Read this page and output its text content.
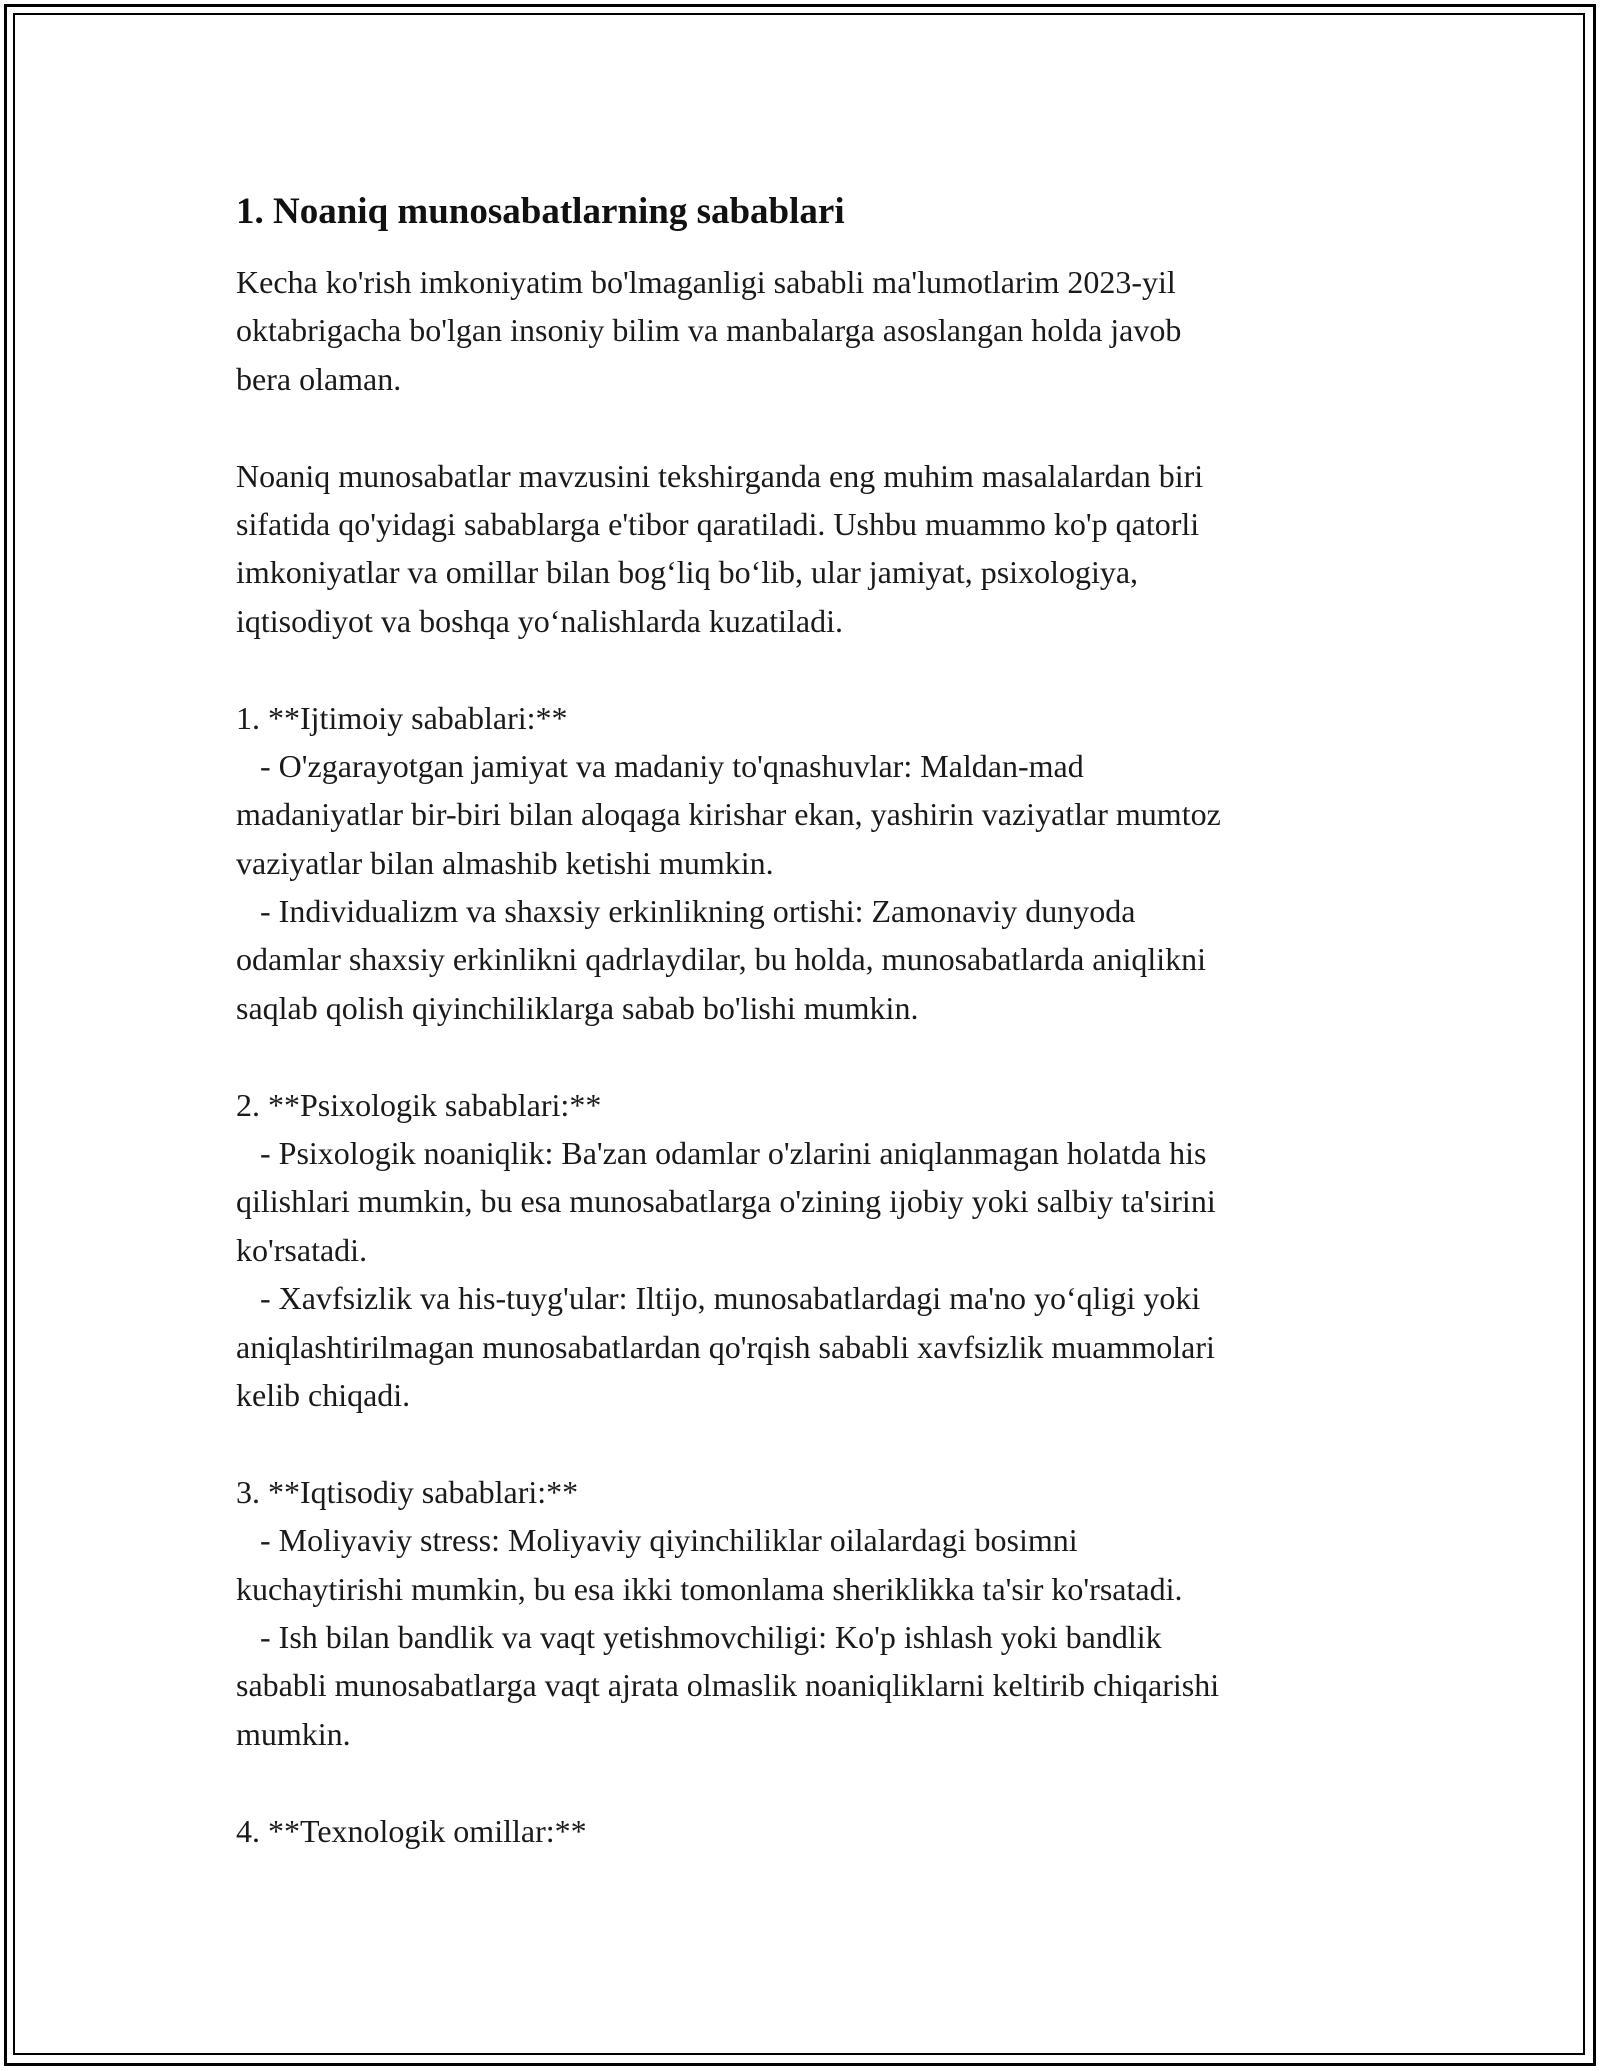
1. Noaniq munosabatlarning sabablari
Kecha ko'rish imkoniyatim bo'lmaganligi sababli ma'lumotlarim 2023-yil
oktabrigacha bo'lgan insoniy bilim va manbalarga asoslangan holda javob
bera olaman.
Noaniq munosabatlar mavzusini tekshirganda eng muhim masalalardan biri
sifatida qo'yidagi sabablarga e'tibor qaratiladi. Ushbu muammo ko'p qatorli
imkoniyatlar va omillar bilan bog‘liq bo‘lib, ular jamiyat, psixologiya,
iqtisodiyot va boshqa yo‘nalishlarda kuzatiladi.
1. **Ijtimoiy sabablari:**
- O'zgarayotgan jamiyat va madaniy to'qnashuvlar: Maldan-mad
madaniyatlar bir-biri bilan aloqaga kirishar ekan, yashirin vaziyatlar mumtoz
vaziyatlar bilan almashib ketishi mumkin.
- Individualizm va shaxsiy erkinlikning ortishi: Zamonaviy dunyoda
odamlar shaxsiy erkinlikni qadrlaydilar, bu holda, munosabatlarda aniqlikni
saqlab qolish qiyinchiliklarga sabab bo'lishi mumkin.
2. **Psixologik sabablari:**
- Psixologik noaniqlik: Ba'zan odamlar o'zlarini aniqlanmagan holatda his
qilishlari mumkin, bu esa munosabatlarga o'zining ijobiy yoki salbiy ta'sirini
ko'rsatadi.
- Xavfsizlik va his-tuyg'ular: Iltijo, munosabatlardagi ma'no yo‘qligi yoki
aniqlashtirilmagan munosabatlardan qo'rqish sababli xavfsizlik muammolari
kelib chiqadi.
3. **Iqtisodiy sabablari:**
- Moliyaviy stress: Moliyaviy qiyinchiliklar oilalardagi bosimni
kuchaytirishi mumkin, bu esa ikki tomonlama sheriklikka ta'sir ko'rsatadi.
- Ish bilan bandlik va vaqt yetishmovchiligi: Ko'p ishlash yoki bandlik
sababli munosabatlarga vaqt ajrata olmaslik noaniqliklarni keltirib chiqarishi
mumkin.
4. **Texnologik omillar:**
